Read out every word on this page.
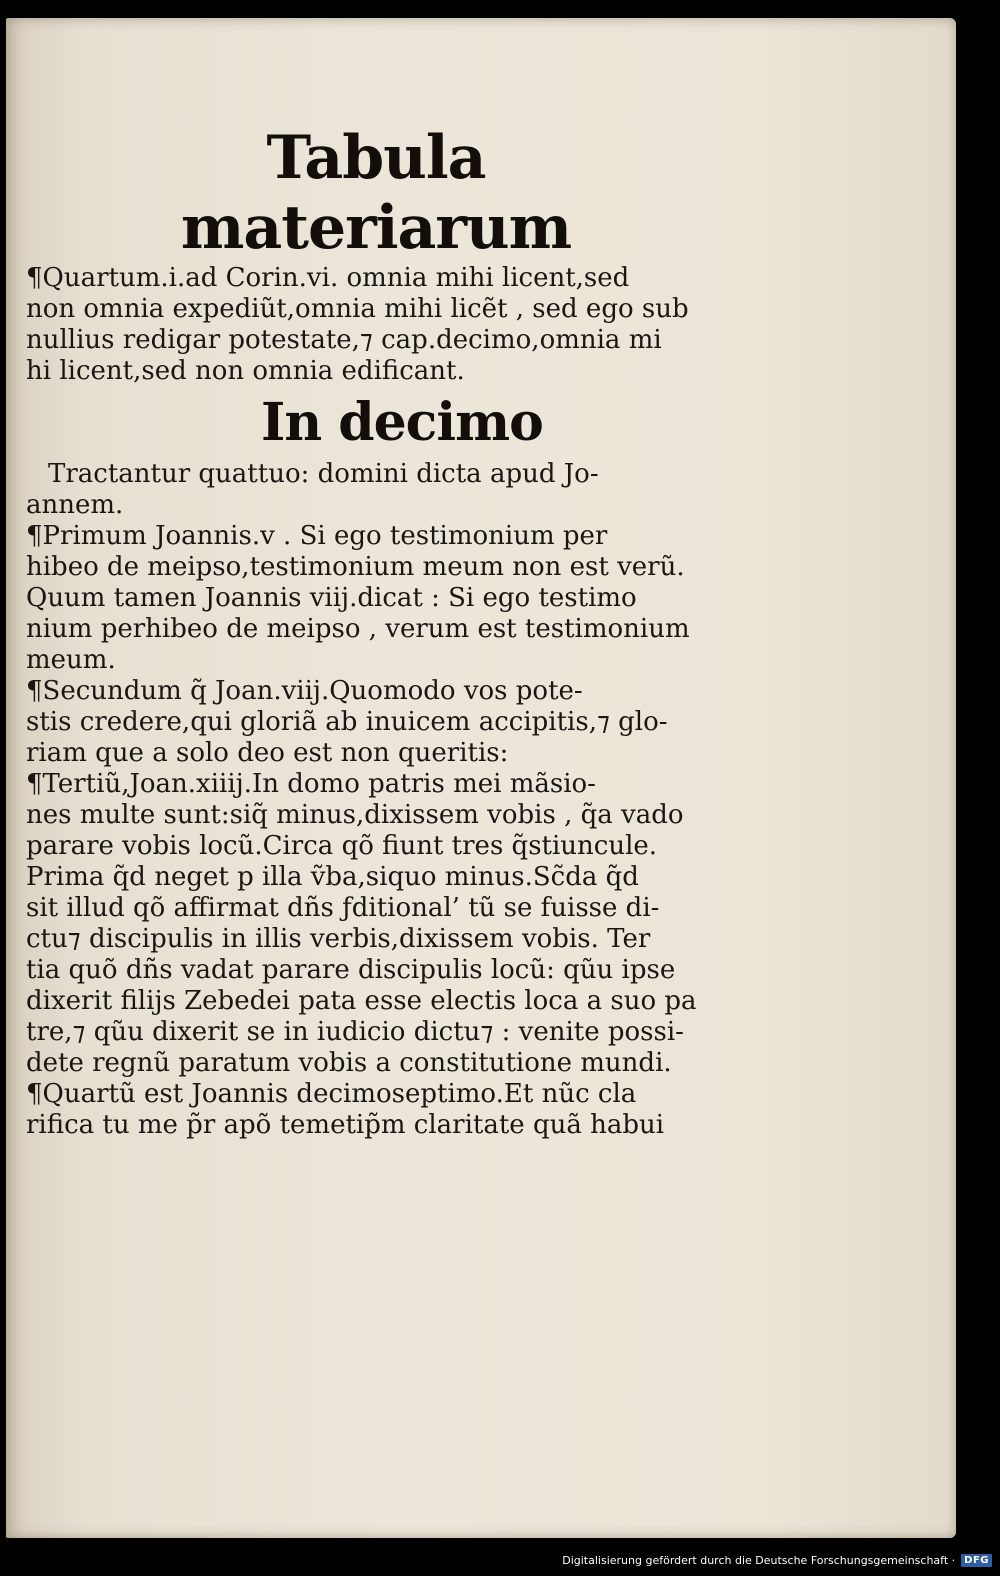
Tabula materiarum
¶Quartum.i.ad Corin.vi. omnia mihi licent,sed
non omnia expediũt,omnia mihi licẽt , sed ego sub
nullius redigar potestate,⁊ cap.decimo,omnia mi
hi licent,sed non omnia edificant.
In decimo
Tractantur quattuo: domini dicta apud Jo-
annem.
¶Primum Joannis.v . Si ego testimonium per
hibeo de meipso,testimonium meum non est verũ.
Quum tamen Joannis viij.dicat : Si ego testimo
nium perhibeo de meipso , verum est testimonium
meum.
¶Secundum q̃ Joan.viij.Quomodo vos pote-
stis credere,qui gloriã ab inuicem accipitis,⁊ glo-
riam que a solo deo est non queritis:
¶Tertiũ,Joan.xiiij.In domo patris mei mãsio-
nes multe sunt:siq̃ minus,dixissem vobis , q̃a vado
parare vobis locũ.Circa qõ fiunt tres q̃stiuncule.
Prima q̃d neget p illa ṽba,siquo minus.Sc̃da q̃d
sit illud qõ affirmat dñs ƒditional’ tũ se fuisse di-
ctu⁊ discipulis in illis verbis,dixissem vobis. Ter
tia quõ dñs vadat parare discipulis locũ: qũu ipse
dixerit filijs Zebedei pata esse electis loca a suo pa
tre,⁊ qũu dixerit se in iudicio dictu⁊ : venite possi-
dete regnũ paratum vobis a constitutione mundi.
¶Quartũ est Joannis decimoseptimo.Et nũc cla
rifica tu me p̃r apõ temetip̃m claritate quã habui
Digitalisierung gefördert durch die Deutsche Forschungsgemeinschaft · DFG
